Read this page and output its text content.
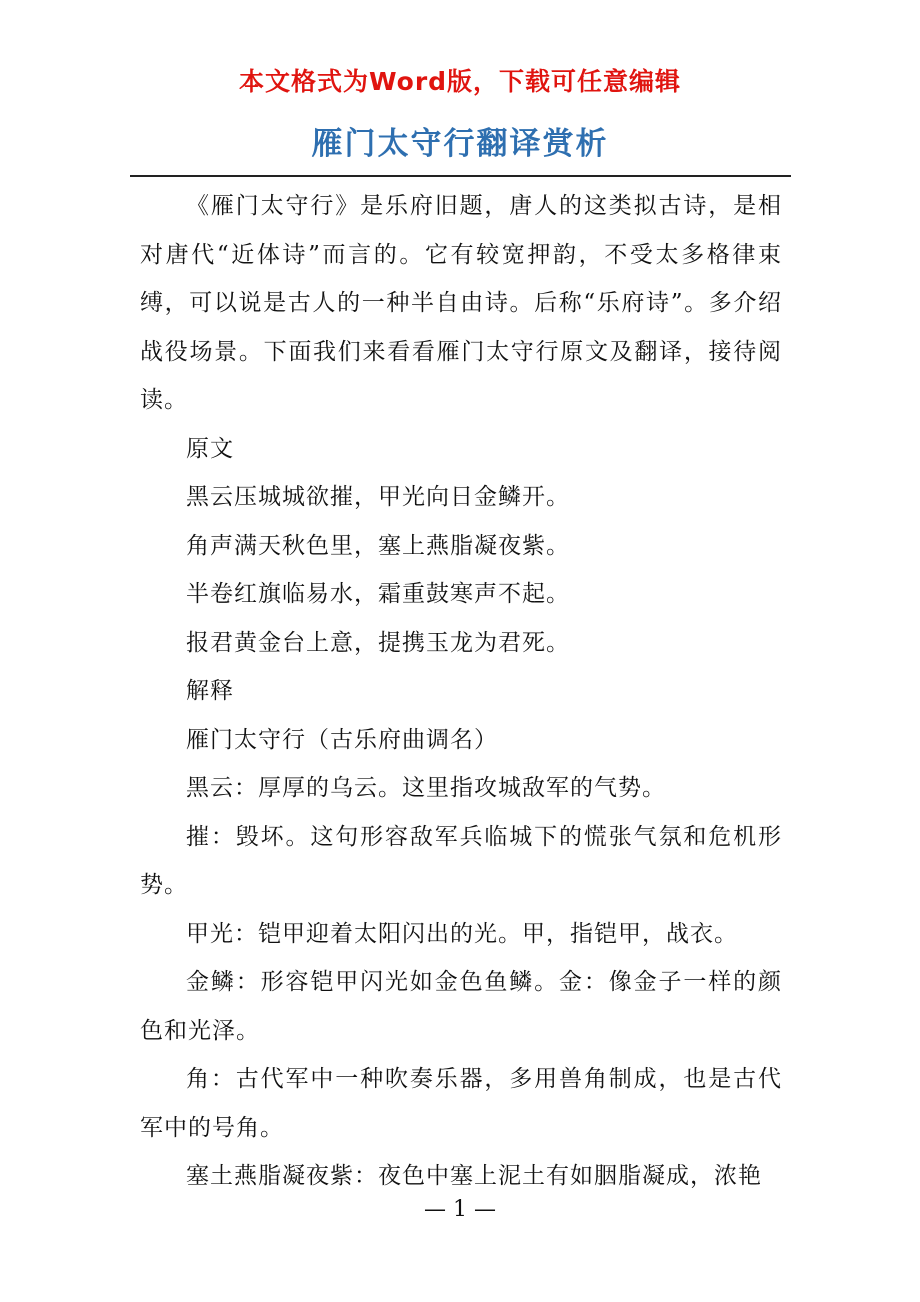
本文格式为Word版，下载可任意编辑
雁门太守行翻译赏析

《雁门太守行》是乐府旧题，唐人的这类拟古诗，是相对唐代“近体诗”而言的。它有较宽押韵，不受太多格律束缚，可以说是古人的一种半自由诗。后称“乐府诗”。多介绍战役场景。下面我们来看看雁门太守行原文及翻译，接待阅读。

原文

黑云压城城欲摧，甲光向日金鳞开。

角声满天秋色里，塞上燕脂凝夜紫。

半卷红旗临易水，霜重鼓寒声不起。

报君黄金台上意，提携玉龙为君死。

解释

雁门太守行（古乐府曲调名）

黑云：厚厚的乌云。这里指攻城敌军的气势。

摧：毁坏。这句形容敌军兵临城下的慌张气氛和危机形势。

甲光：铠甲迎着太阳闪出的光。甲，指铠甲，战衣。

金鳞：形容铠甲闪光如金色鱼鳞。金：像金子一样的颜色和光泽。

角：古代军中一种吹奏乐器，多用兽角制成，也是古代军中的号角。

塞土燕脂凝夜紫：夜色中塞上泥土有如胭脂凝成，浓艳

— 1 —
